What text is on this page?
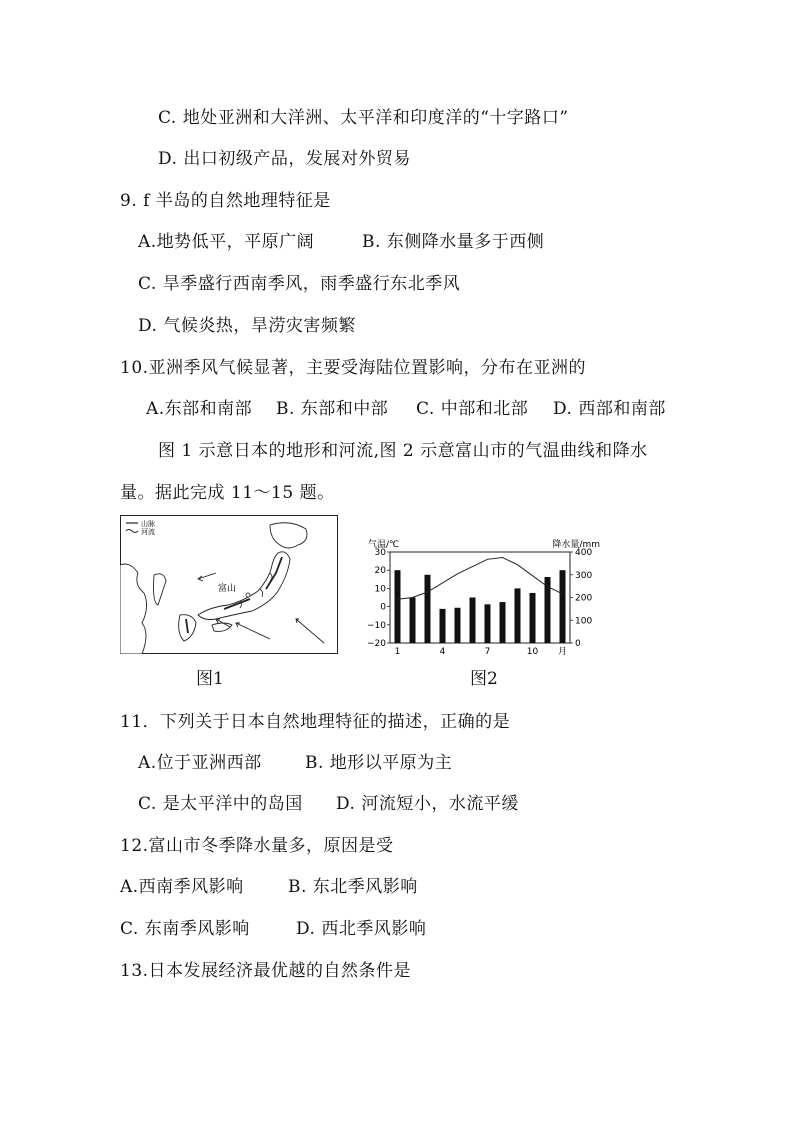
C. 地处亚洲和大洋洲、太平洋和印度洋的“十字路口”
D. 出口初级产品，发展对外贸易
9. f 半岛的自然地理特征是
A.地势低平，平原广阔	B. 东侧降水量多于西侧
C. 旱季盛行西南季风，雨季盛行东北季风
D. 气候炎热，旱涝灾害频繁
10.亚洲季风气候显著，主要受海陆位置影响，分布在亚洲的
A.东部和南部 B. 东部和中部 C. 中部和北部 D. 西部和南部
图 1 示意日本的地形和河流,图 2 示意富山市的气温曲线和降水
量。据此完成 11～15 题。
山脉
河流
富山
图1
气温/℃	降水量/mm
30
20
10
0
−10
−20
400
300
200
100
0
1	4	7	10 月
图2
11．下列关于日本自然地理特征的描述，正确的是
A.位于亚洲西部	B. 地形以平原为主
C. 是太平洋中的岛国 D. 河流短小，水流平缓
12.富山市冬季降水量多，原因是受
A.西南季风影响	B. 东北季风影响
C. 东南季风影响	D. 西北季风影响
13.日本发展经济最优越的自然条件是
